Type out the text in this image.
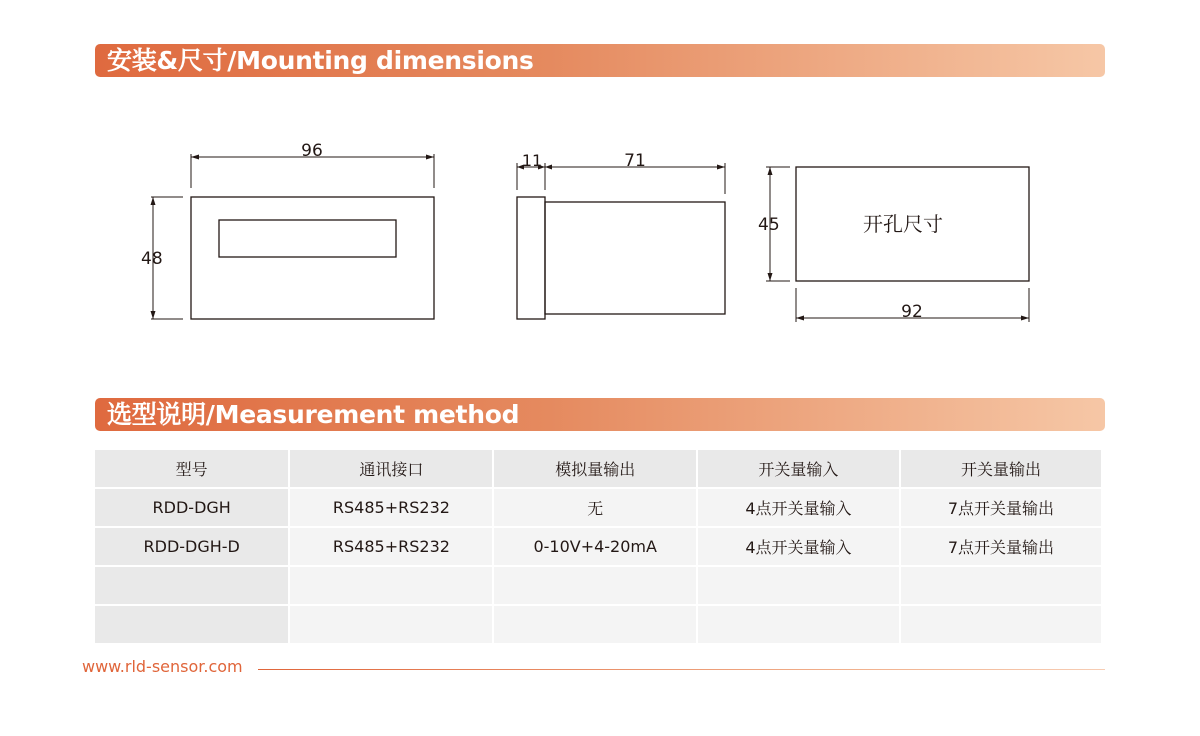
安装&尺寸/Mounting dimensions
96
48
11	71
45
92
开孔尺寸
选型说明/Measurement method
型号	通讯接口	模拟量输出	开关量输入	开关量输出
RDD-DGH	RS485+RS232	无	4点开关量输入	7点开关量输出
RDD-DGH-D	RS485+RS232	0-10V+4-20mA	4点开关量输入	7点开关量输出

www.rld-sensor.com
